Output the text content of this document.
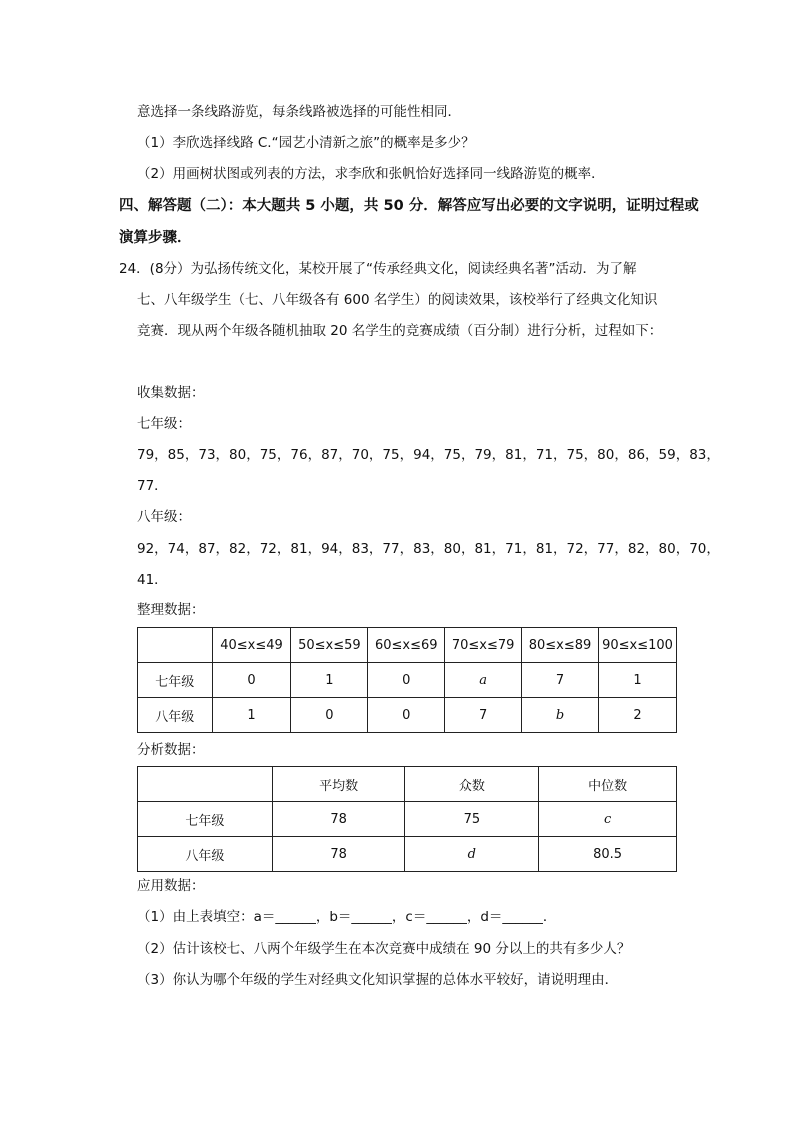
意选择一条线路游览，每条线路被选择的可能性相同．
（1）李欣选择线路 C.“园艺小清新之旅”的概率是多少？
（2）用画树状图或列表的方法，求李欣和张帆恰好选择同一线路游览的概率．
四、解答题（二）：本大题共 5 小题，共 50 分．解答应写出必要的文字说明，证明过程或
演算步骤．
24．(8分）为弘扬传统文化，某校开展了“传承经典文化，阅读经典名著”活动．为了解
七、八年级学生（七、八年级各有 600 名学生）的阅读效果，该校举行了经典文化知识
竞赛．现从两个年级各随机抽取 20 名学生的竞赛成绩（百分制）进行分析，过程如下：
收集数据：
七年级：
79，85，73，80，75，76，87，70，75，94，75，79，81，71，75，80，86，59，83，
77．
八年级：
92，74，87，82，72，81，94，83，77，83，80，81，71，81，72，77，82，80，70，
41．
整理数据：
	40≤x≤49	50≤x≤59	60≤x≤69	70≤x≤79	80≤x≤89	90≤x≤100
七年级	0	1	0	a	7	1
八年级	1	0	0	7	b	2
分析数据：
	平均数	众数	中位数
七年级	78	75	c
八年级	78	d	80.5
应用数据：
（1）由上表填空：a＝______，b＝______，c＝______，d＝______．
（2）估计该校七、八两个年级学生在本次竞赛中成绩在 90 分以上的共有多少人？
（3）你认为哪个年级的学生对经典文化知识掌握的总体水平较好，请说明理由．
